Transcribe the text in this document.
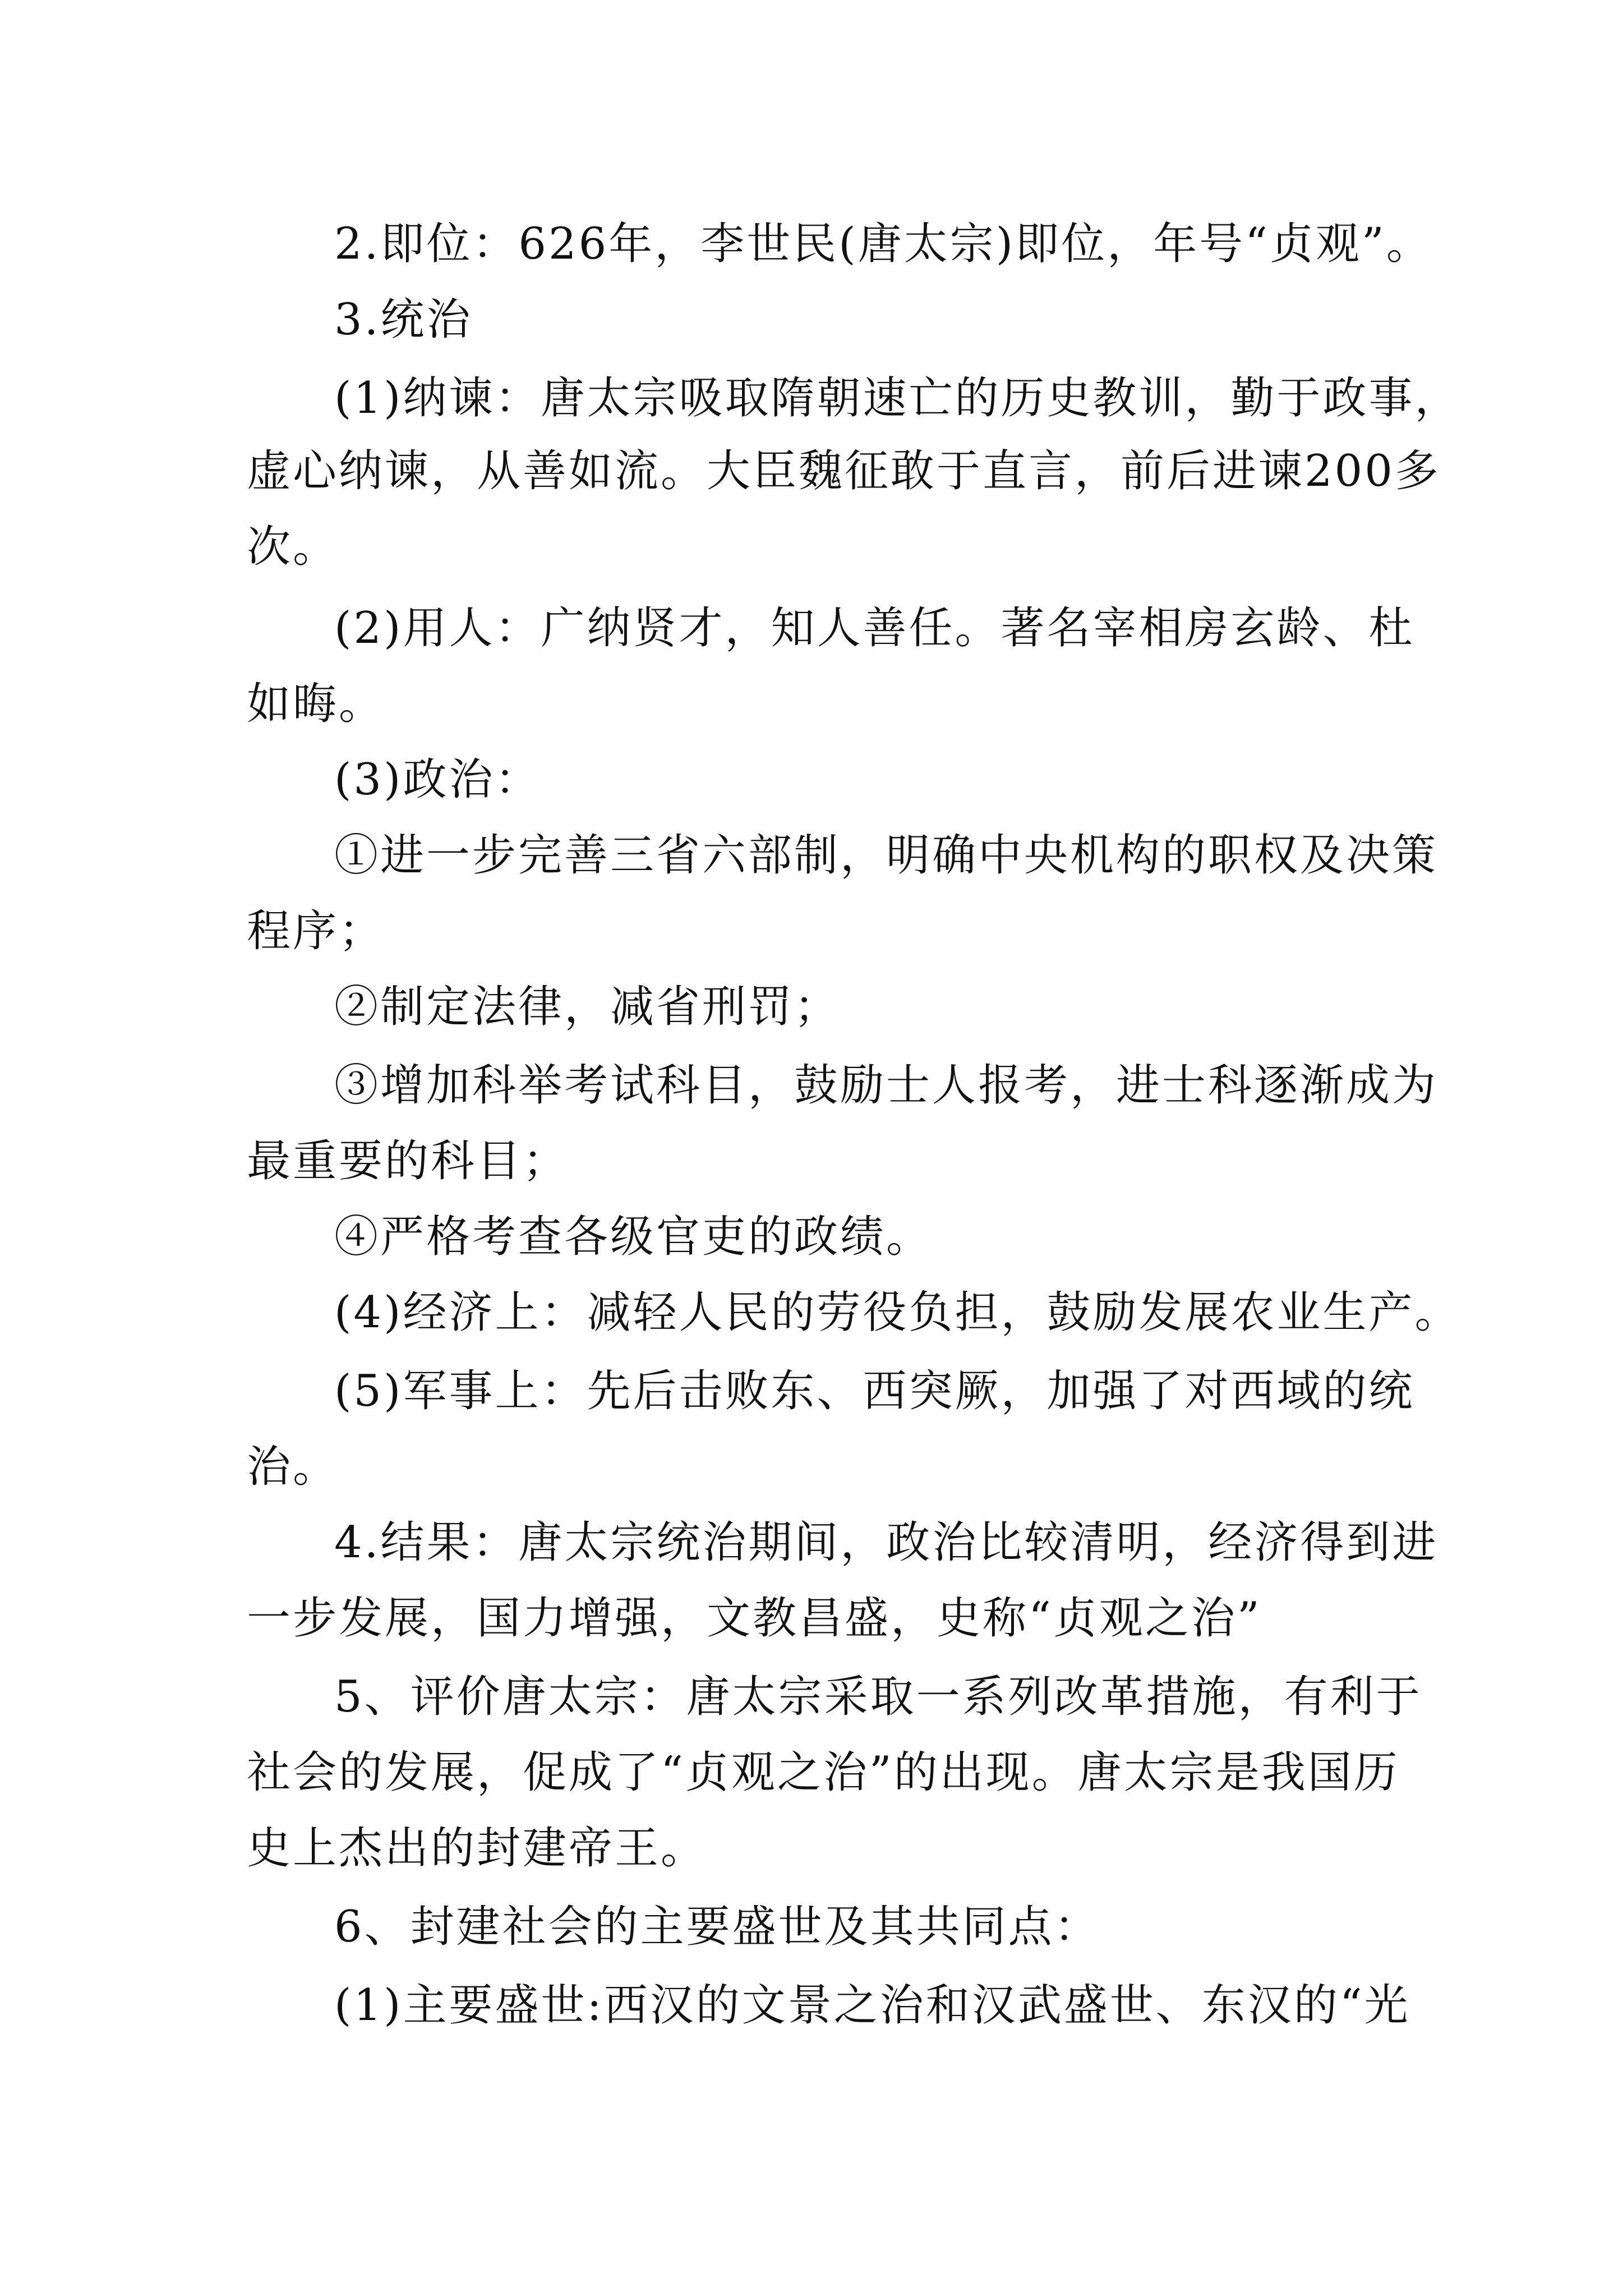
2.即位：626年，李世民(唐太宗)即位，年号“贞观”。
3.统治
(1)纳谏：唐太宗吸取隋朝速亡的历史教训，勤于政事，
虚心纳谏，从善如流。大臣魏征敢于直言，前后进谏200多
次。
(2)用人：广纳贤才，知人善任。著名宰相房玄龄、杜
如晦。
(3)政治：
①进一步完善三省六部制，明确中央机构的职权及决策
程序；
②制定法律，减省刑罚；
③增加科举考试科目，鼓励士人报考，进士科逐渐成为
最重要的科目；
④严格考查各级官吏的政绩。
(4)经济上：减轻人民的劳役负担，鼓励发展农业生产。
(5)军事上：先后击败东、西突厥，加强了对西域的统
治。
4.结果：唐太宗统治期间，政治比较清明，经济得到进
一步发展，国力增强，文教昌盛，史称“贞观之治”
5、评价唐太宗：唐太宗采取一系列改革措施，有利于
社会的发展，促成了“贞观之治”的出现。唐太宗是我国历
史上杰出的封建帝王。
6、封建社会的主要盛世及其共同点：
(1)主要盛世:西汉的文景之治和汉武盛世、东汉的“光
